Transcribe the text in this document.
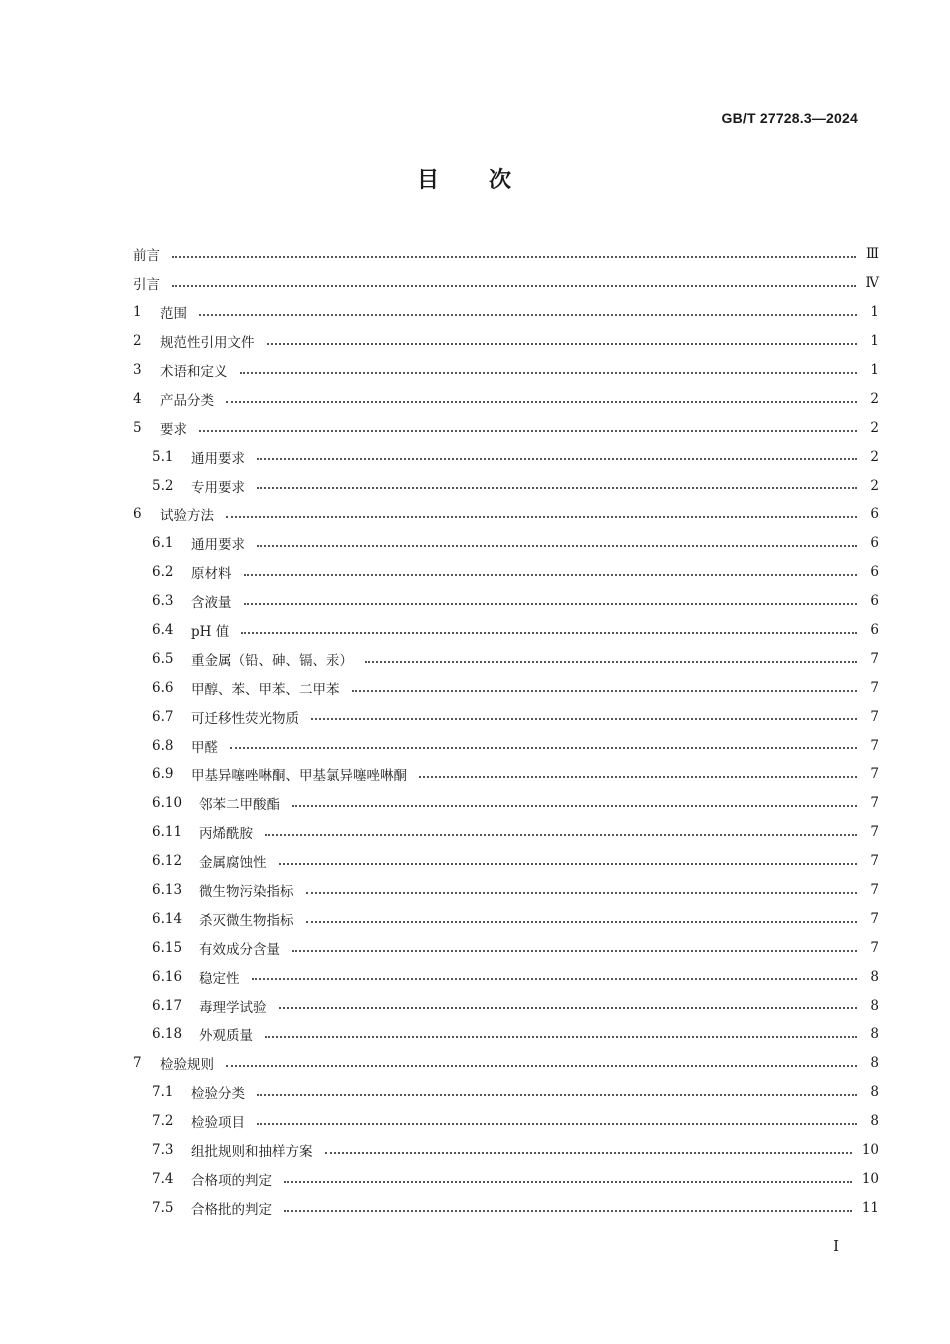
GB/T 27728.3—2024
目次
前言	Ⅲ
引言	Ⅳ
1	范围	1
2	规范性引用文件	1
3	术语和定义	1
4	产品分类	2
5	要求	2
5.1	通用要求	2
5.2	专用要求	2
6	试验方法	6
6.1	通用要求	6
6.2	原材料	6
6.3	含液量	6
6.4	pH 值	6
6.5	重金属（铅、砷、镉、汞）	7
6.6	甲醇、苯、甲苯、二甲苯	7
6.7	可迁移性荧光物质	7
6.8	甲醛	7
6.9	甲基异噻唑啉酮、甲基氯异噻唑啉酮	7
6.10	邻苯二甲酸酯	7
6.11	丙烯酰胺	7
6.12	金属腐蚀性	7
6.13	微生物污染指标	7
6.14	杀灭微生物指标	7
6.15	有效成分含量	7
6.16	稳定性	8
6.17	毒理学试验	8
6.18	外观质量	8
7	检验规则	8
7.1	检验分类	8
7.2	检验项目	8
7.3	组批规则和抽样方案	10
7.4	合格项的判定	10
7.5	合格批的判定	11
I
